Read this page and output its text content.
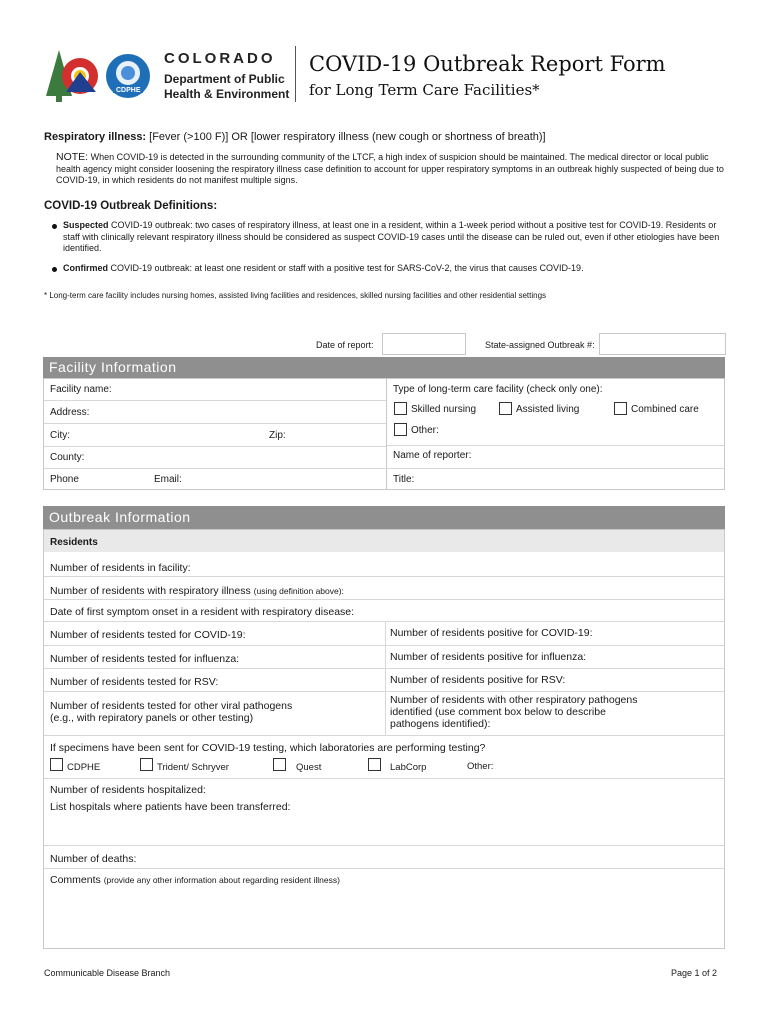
CDPHE
COLORADO
Department of Public
Health & Environment
COVID-19 Outbreak Report Form
for Long Term Care Facilities*
Respiratory illness: [Fever (>100 F)] OR [lower respiratory illness (new cough or shortness of breath)]
NOTE: When COVID-19 is detected in the surrounding community of the LTCF, a high index of suspicion should be maintained. The medical director or local public health agency might consider loosening the respiratory illness case definition to account for upper respiratory symptoms in an outbreak highly suspected of being due to COVID-19, in which residents do not manifest multiple signs.
COVID-19 Outbreak Definitions:
Suspected COVID-19 outbreak: two cases of respiratory illness, at least one in a resident, within a 1-week period without a positive test for COVID-19. Residents or staff with clinically relevant respiratory illness should be considered as suspect COVID-19 cases until the disease can be ruled out, even if other etiologies have been identified.
Confirmed COVID-19 outbreak: at least one resident or staff with a positive test for SARS-CoV-2, the virus that causes COVID-19.
* Long-term care facility includes nursing homes, assisted living facilities and residences, skilled nursing facilities and other residential settings
Date of report:	State-assigned Outbreak #:
Facility Information
Facility name:
Address:
City:	Zip:
County:
Phone	Email:
Type of long-term care facility (check only one):
Skilled nursing	Assisted living	Combined care
Other:
Name of reporter:
Title:
Outbreak Information
Residents
Number of residents in facility:
Number of residents with respiratory illness (using definition above):
Date of first symptom onset in a resident with respiratory disease:
Number of residents tested for COVID-19:	Number of residents positive for COVID-19:
Number of residents tested for influenza:	Number of residents positive for influenza:
Number of residents tested for RSV:	Number of residents positive for RSV:
Number of residents tested for other viral pathogens
(e.g., with repiratory panels or other testing)
Number of residents with other respiratory pathogens
identified (use comment box below to describe
pathogens identified):
If specimens have been sent for COVID-19 testing, which laboratories are performing testing?
CDPHE	Trident/ Schryver	Quest	LabCorp	Other:
Number of residents hospitalized:
List hospitals where patients have been transferred:
Number of deaths:
Comments (provide any other information about regarding resident illness)
Communicable Disease Branch	Page 1 of 2
